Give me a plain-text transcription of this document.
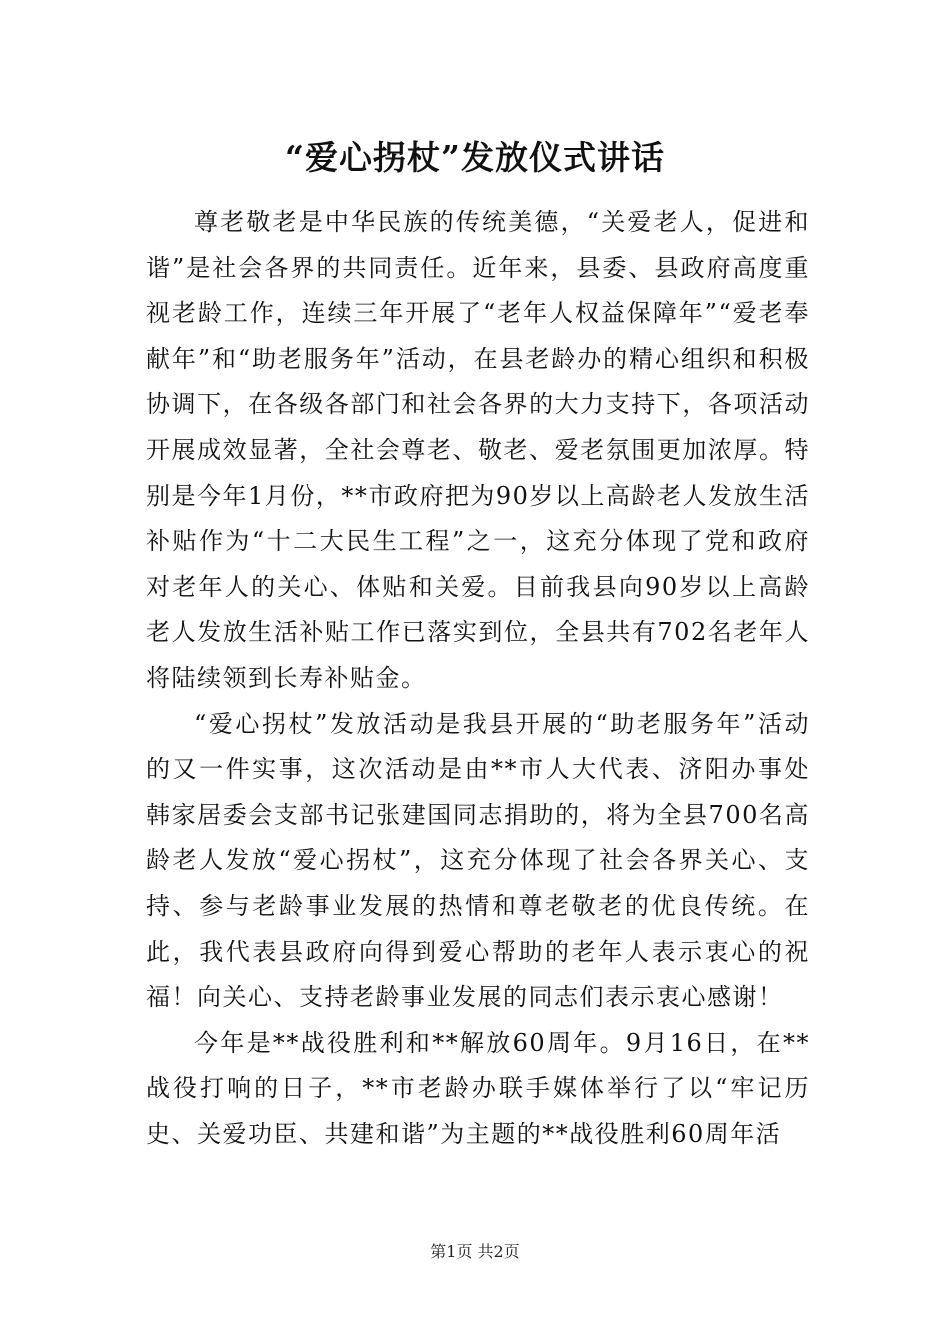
“爱心拐杖”发放仪式讲话

尊老敬老是中华民族的传统美德，“关爱老人，促进和谐”是社会各界的共同责任。近年来，县委、县政府高度重视老龄工作，连续三年开展了“老年人权益保障年”“爱老奉献年”和“助老服务年”活动，在县老龄办的精心组织和积极协调下，在各级各部门和社会各界的大力支持下，各项活动开展成效显著，全社会尊老、敬老、爱老氛围更加浓厚。特别是今年1月份，**市政府把为90岁以上高龄老人发放生活补贴作为“十二大民生工程”之一，这充分体现了党和政府对老年人的关心、体贴和关爱。目前我县向90岁以上高龄老人发放生活补贴工作已落实到位，全县共有702名老年人将陆续领到长寿补贴金。

“爱心拐杖”发放活动是我县开展的“助老服务年”活动的又一件实事，这次活动是由**市人大代表、济阳办事处韩家居委会支部书记张建国同志捐助的，将为全县700名高龄老人发放“爱心拐杖”，这充分体现了社会各界关心、支持、参与老龄事业发展的热情和尊老敬老的优良传统。在此，我代表县政府向得到爱心帮助的老年人表示衷心的祝福！向关心、支持老龄事业发展的同志们表示衷心感谢！

今年是**战役胜利和**解放60周年。9月16日，在**战役打响的日子，**市老龄办联手媒体举行了以“牢记历史、关爱功臣、共建和谐”为主题的**战役胜利60周年活

第1页 共2页
